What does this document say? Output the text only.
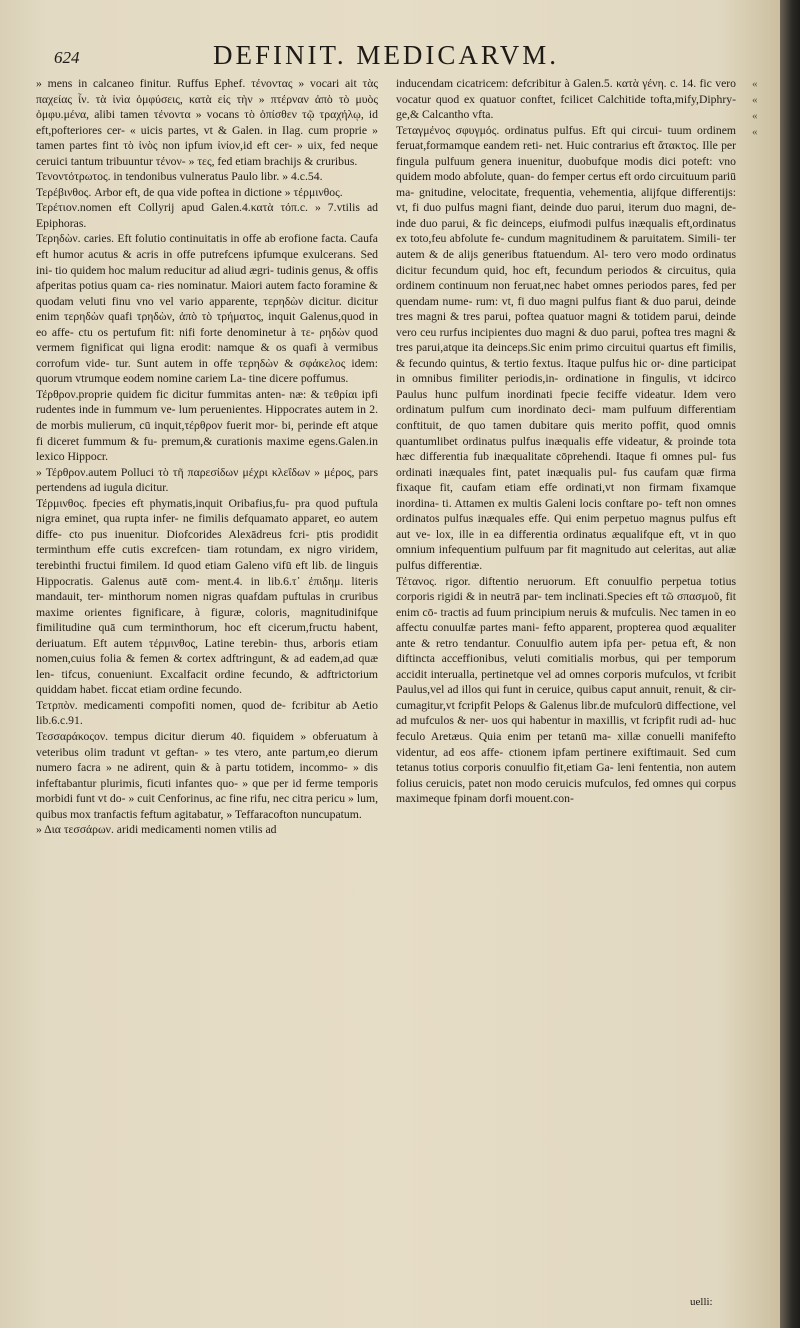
624	DEFINIT. MEDICARVM.

» mens in calcaneo finitur. Ruffus Ephef. τένοντας » vocari ait τὰς παχείας ἶν. τὰ ἰνὶα ὀμφύσεις, κατὰ εἰς τὴν » πτέρναν ἀπὸ τὸ μυὸς ὀμφυ.μένα, alibi tamen τένοντα » vocans τὸ ὀπίσθεν τῷ τραχήλῳ, id eft,pofteriores cer- « uicis partes, vt & Galen. in Ilag. cum proprie » tamen partes fint τὸ ἰνὸς non ipfum ἰνίον,id eft cer- » uix, fed neque ceruici tantum tribuuntur τένον- » τες, fed etiam brachijs & cruribus.

Τενοντότρωτος. in tendonibus vulneratus Paulo libr. » 4.c.54.

Τερέβινθος. Arbor eft, de qua vide poftea in dictione » τέρμινθος.

Τερέτιον.nomen eft Collyrij apud Galen.4.κατὰ τόπ.c. » 7.vtilis ad Epiphoras.

Τερηδὼν. caries. Eft folutio continuitatis in offe ab erofione facta. Caufa eft humor acutus & acris in offe putrefcens ipfumque exulcerans. Sed ini- tio quidem hoc malum reducitur ad aliud ægri- tudinis genus, & offis afperitas potius quam ca- ries nominatur. Maiori autem facto foramine & quodam veluti finu vno vel vario apparente, τερηδὼν dicitur. dicitur enim τερηδὼν quafi τρηδὼν, ἀπὸ τὸ τρήματος, inquit Galenus,quod in eo affe- ctu os pertufum fit: nifi forte denominetur à τε- ρηδὼν quod vermem fignificat qui ligna erodit: namque & os quafi à vermibus corrofum vide- tur. Sunt autem in offe τερηδὼν & σφάκελος idem: quorum vtrumque eodem nomine cariem La- tine dicere poffumus.

Τέρθρον.proprie quidem fic dicitur fummitas anten- næ: & τεθρίαι ipfi rudentes inde in fummum ve- lum peruenientes. Hippocrates autem in 2. de morbis mulierum, cū inquit,τέρθρον fuerit mor- bi, perinde eft atque fi diceret fummum & fu- premum,& curationis maxime egens.Galen.in lexico Hippocr.

» Τέρθρον.autem Polluci τὸ τῆ παρεσίδων μέχρι κλεΐδων » μέρος, pars pertendens ad iugula dicitur.

Τέρμινθος. fpecies eft phymatis,inquit Oribafius,fu- pra quod puftula nigra eminet, qua rupta infer- ne fimilis defquamato apparet, eo autem diffe- cto pus inuenitur. Diofcorides Alexādreus fcri- ptis prodidit terminthum effe cutis excrefcen- tiam rotundam, ex nigro viridem, terebinthi fructui fimilem. Id quod etiam Galeno vifū eft lib. de linguis Hippocratis. Galenus autē com- ment.4. in lib.6.τ᾿ ἐπιδημ. literis mandauit, ter- minthorum nomen nigras quafdam puftulas in cruribus maxime orientes fignificare, à figuræ, coloris, magnitudinifque fimilitudine quā cum terminthorum, hoc eft cicerum,fructu habent, deriuatum. Eft autem τέρμινθος, Latine terebin- thus, arboris etiam nomen,cuius folia & femen & cortex adftringunt, & ad eadem,ad quæ len- tifcus, conueniunt. Excalfacit ordine fecundo, & adftrictorium quiddam habet. ficcat etiam ordine fecundo.

Τετρπὸν. medicamenti compofiti nomen, quod de- fcribitur ab Aetio lib.6.c.91.

Τεσσαράκοςον. tempus dicitur dierum 40. fiquidem » obferuatum à veteribus olim tradunt vt geftan- » tes vtero, ante partum,eo dierum numero facra » ne adirent, quin & à partu totidem, incommo- » dis infeftabantur plurimis, ficuti infantes quo- » que per id ferme temporis morbidi funt vt do- » cuit Cenforinus, ac fine rifu, nec citra pericu » lum, quibus mox tranfactis feftum agitabatur, » Teffaracofton nuncupatum.

» Δια τεσσάρων. aridi medicamenti nomen vtilis ad

inducendam cicatricem: defcribitur à Galen.5. κατὰ γένη. c. 14. fic vero vocatur quod ex quatuor conftet, fcilicet Calchitide tofta,mify,Diphry- ge,& Calcantho vfta.

Τεταγμένος σφυγμός. ordinatus pulfus. Eft qui circui- tuum ordinem feruat,formamque eandem reti- net. Huic contrarius eft ἄτακτος. Ille per fingula pulfuum genera inuenitur, duobufque modis dici poteft: vno quidem modo abfolute, quan- do femper certus eft ordo circuituum pariū ma- gnitudine, velocitate, frequentia, vehementia, alijfque differentijs: vt, fi duo pulfus magni fiant, deinde duo parui, iterum duo magni, de- inde duo parui, & fic deinceps, eiufmodi pulfus inæqualis eft,ordinatus ex toto,feu abfolute fe- cundum magnitudinem & paruitatem. Simili- ter autem & de alijs generibus ftatuendum. Al- tero vero modo ordinatus dicitur fecundum quid, hoc eft, fecundum periodos & circuitus, quia ordinem continuum non feruat,nec habet omnes periodos pares, fed per quendam nume- rum: vt, fi duo magni pulfus fiant & duo parui, deinde tres magni & tres parui, poftea quatuor magni & totidem parui, deinde vero ceu rurfus incipientes duo magni & duo parui, poftea tres magni & tres parui,atque ita deinceps.Sic enim primo circuitui quartus eft fimilis, & fecundo quintus, & tertio fextus. Itaque pulfus hic or- dine participat in omnibus fimiliter periodis,in- ordinatione in fingulis, vt idcirco Paulus hunc pulfum inordinati fpecie feciffe videatur. Idem vero ordinatum pulfum cum inordinato deci- mam pulfuum differentiam conftituit, de quo tamen dubitare quis merito poffit, quod omnis quantumlibet ordinatus pulfus inæqualis effe videatur, & proinde tota hæc differentia fub inæqualitate cōprehendi. Itaque fi omnes pul- fus ordinati inæquales fint, patet inæqualis pul- fus caufam quæ firma fixaque fit, caufam etiam effe ordinati,vt non firmam fixamque inordina- ti. Attamen ex multis Galeni locis conftare po- teft non omnes ordinatos pulfus inæquales effe. Qui enim perpetuo magnus pulfus eft aut ve- lox, ille in ea differentia ordinatus æqualifque eft, vt in quo omnium infequentium pulfuum par fit magnitudo aut celeritas, aut aliæ pulfus differentiæ.

Τέτανος. rigor. diftentio neruorum. Eft conuulfio perpetua totius corporis rigidi & in neutrā par- tem inclinati.Species eft τῶ σπασμοῦ, fit enim cō- tractis ad fuum principium neruis & mufculis. Nec tamen in eo affectu conuulfæ partes mani- fefto apparent, propterea quod æqualiter ante & retro tendantur. Conuulfio autem ipfa per- petua eft, & non diftincta acceffionibus, veluti comitialis morbus, qui per temporum accidit interualla, pertinetque vel ad omnes corporis mufculos, vt fcribit Paulus,vel ad illos qui funt in ceruice, quibus caput annuit, renuit, & cir- cumagitur,vt fcripfit Pelops & Galenus libr.de mufculorū diffectione, vel ad mufculos & ner- uos qui habentur in maxillis, vt fcripfit rudi ad- huc feculo Aretæus. Quia enim per tetanū ma- xillæ conuelli manifefto videntur, ad eos affe- ctionem ipfam pertinere exiftimauit. Sed cum tetanus totius corporis conuulfio fit,etiam Ga- leni fententia, non autem folius ceruicis, patet non modo ceruicis mufculos, fed omnes qui corpus maximeque fpinam dorfi mouent.con-

«
«
«
«
uelli:
